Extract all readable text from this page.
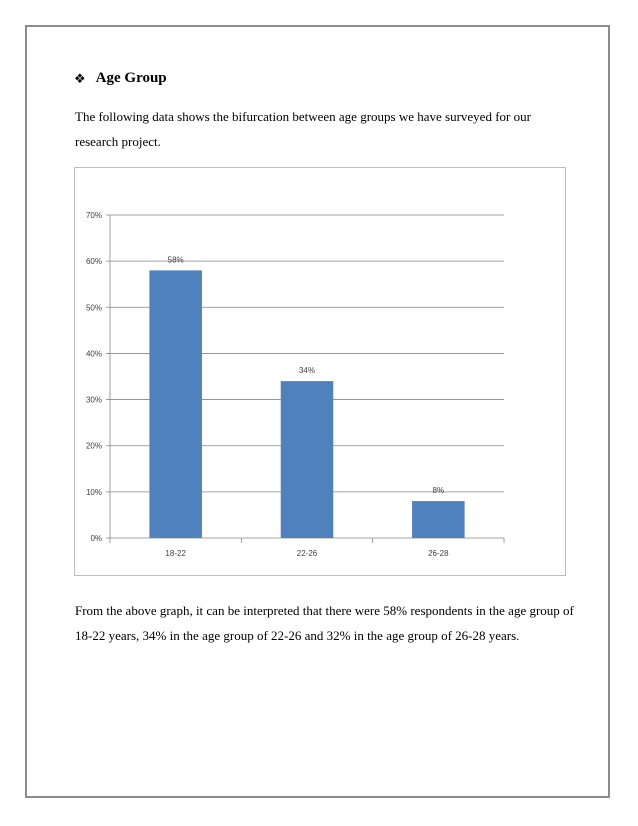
❖ Age Group
The following data shows the bifurcation between age groups we have surveyed for our research project.
0%
10%
20%
30%
40%
50%
60%
70%
58%
18-22
34%
22-26
8%
26-28
From the above graph, it can be interpreted that there were 58% respondents in the age group of 18-22 years, 34% in the age group of 22-26 and 32% in the age group of 26-28 years.
